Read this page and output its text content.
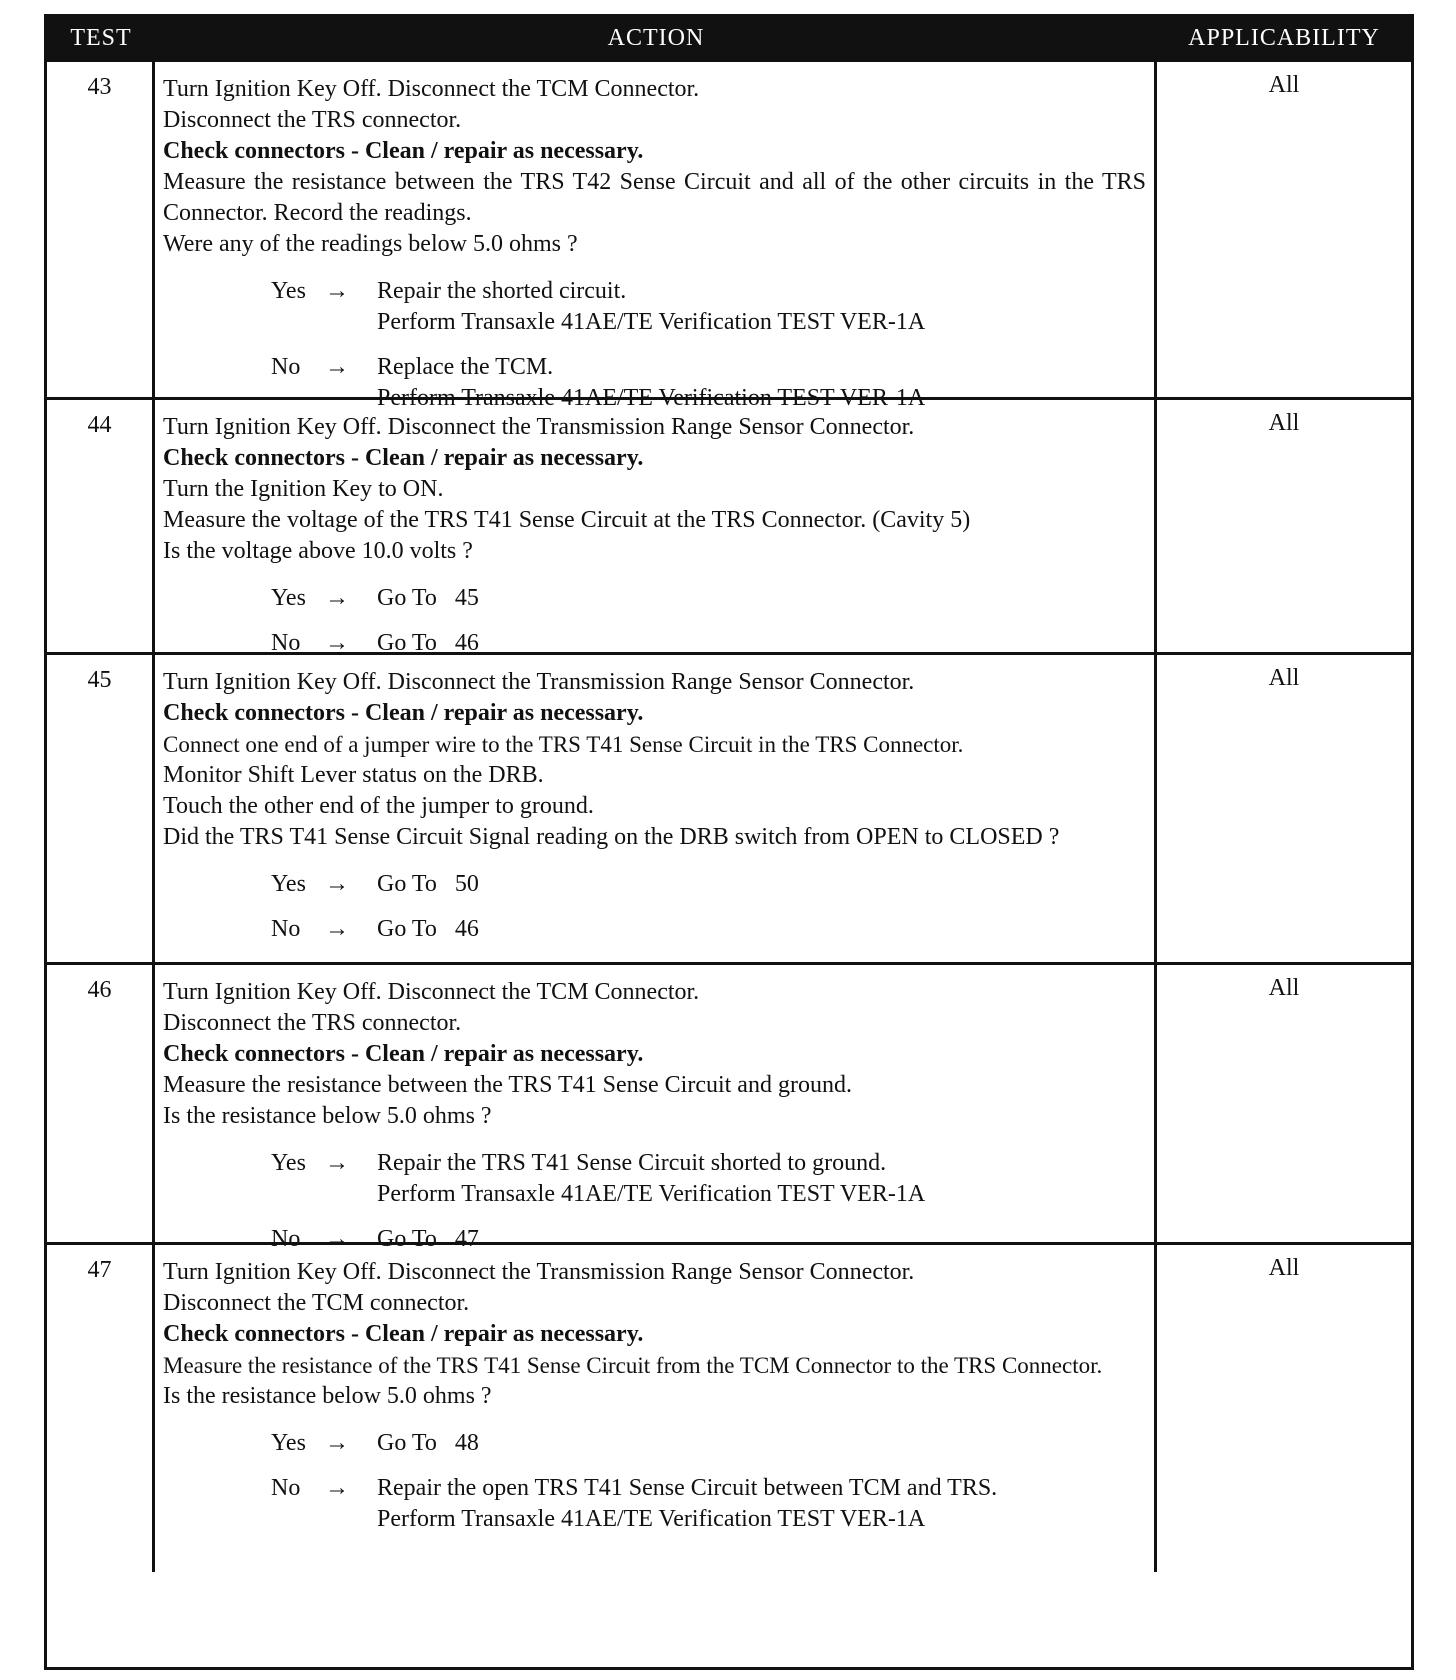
TEST	ACTION	APPLICABILITY
43	Turn Ignition Key Off. Disconnect the TCM Connector.
Disconnect the TRS connector.
Check connectors - Clean / repair as necessary.
Measure the resistance between the TRS T42 Sense Circuit and all of the other circuits in the TRS Connector. Record the readings.
Were any of the readings below 5.0 ohms ?
Yes →	Repair the shorted circuit.
Perform Transaxle 41AE/TE Verification TEST VER-1A
No	→	Replace the TCM.
Perform Transaxle 41AE/TE Verification TEST VER-1A
All
44	Turn Ignition Key Off. Disconnect the Transmission Range Sensor Connector.
Check connectors - Clean / repair as necessary.
Turn the Ignition Key to ON.
Measure the voltage of the TRS T41 Sense Circuit at the TRS Connector. (Cavity 5)
Is the voltage above 10.0 volts ?
Yes →	Go To   45
No	→	Go To   46
All
45	Turn Ignition Key Off. Disconnect the Transmission Range Sensor Connector.
Check connectors - Clean / repair as necessary.
Connect one end of a jumper wire to the TRS T41 Sense Circuit in the TRS Connector.
Monitor Shift Lever status on the DRB.
Touch the other end of the jumper to ground.
Did the TRS T41 Sense Circuit Signal reading on the DRB switch from OPEN to CLOSED ?
Yes →	Go To   50
No	→	Go To   46
All
46	Turn Ignition Key Off. Disconnect the TCM Connector.
Disconnect the TRS connector.
Check connectors - Clean / repair as necessary.
Measure the resistance between the TRS T41 Sense Circuit and ground.
Is the resistance below 5.0 ohms ?
Yes →	Repair the TRS T41 Sense Circuit shorted to ground.
Perform Transaxle 41AE/TE Verification TEST VER-1A
No	→	Go To   47
All
47	Turn Ignition Key Off. Disconnect the Transmission Range Sensor Connector.
Disconnect the TCM connector.
Check connectors - Clean / repair as necessary.
Measure the resistance of the TRS T41 Sense Circuit from the TCM Connector to the TRS Connector.
Is the resistance below 5.0 ohms ?
Yes →	Go To   48
No	→	Repair the open TRS T41 Sense Circuit between TCM and TRS.
Perform Transaxle 41AE/TE Verification TEST VER-1A
All
